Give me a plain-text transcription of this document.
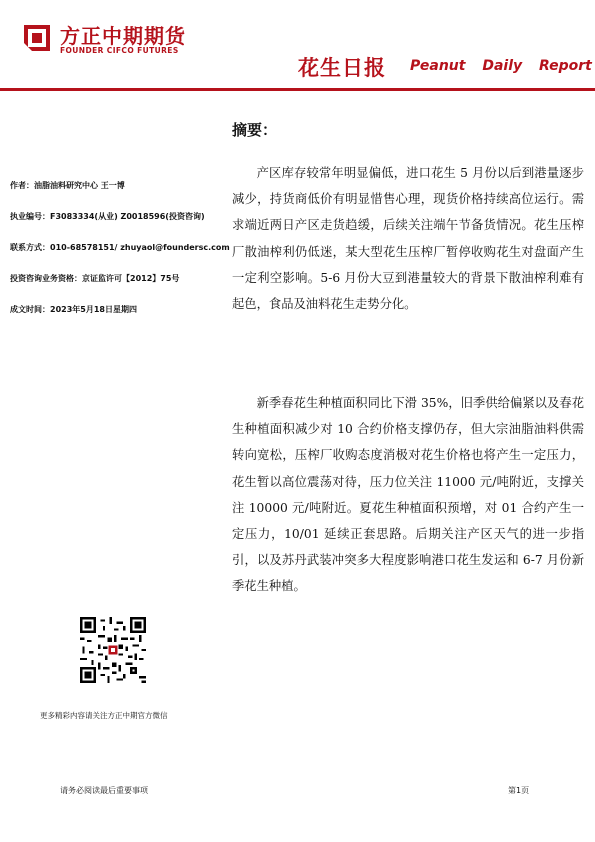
方正中期期货
FOUNDER CIFCO FUTURES
花生日报 Peanut Daily Report
作者：油脂油料研究中心 王一博
执业编号：F3083334(从业) Z0018596(投资咨询)
联系方式：010-68578151/ zhuyaol@foundersc.com
投资咨询业务资格：京证监许可【2012】75号
成文时间：2023年5月18日星期四
更多精彩内容请关注方正中期官方微信
摘要：

产区库存较常年明显偏低，进口花生 5 月份以后到港量逐步减少，持货商低价有明显惜售心理，现货价格持续高位运行。需求端近两日产区走货趋缓，后续关注端午节备货情况。花生压榨厂散油榨利仍低迷，某大型花生压榨厂暂停收购花生对盘面产生一定利空影响。5-6 月份大豆到港量较大的背景下散油榨利难有起色，食品及油料花生走势分化。

新季春花生种植面积同比下滑 35%，旧季供给偏紧以及春花生种植面积减少对 10 合约价格支撑仍存，但大宗油脂油料供需转向宽松，压榨厂收购态度消极对花生价格也将产生一定压力，花生暂以高位震荡对待，压力位关注 11000 元/吨附近，支撑关注 10000 元/吨附近。夏花生种植面积预增，对 01 合约产生一定压力，10/01 延续正套思路。后期关注产区天气的进一步指引，以及苏丹武装冲突多大程度影响港口花生发运和 6-7 月份新季花生种植。

请务必阅读最后重要事项	第1页
